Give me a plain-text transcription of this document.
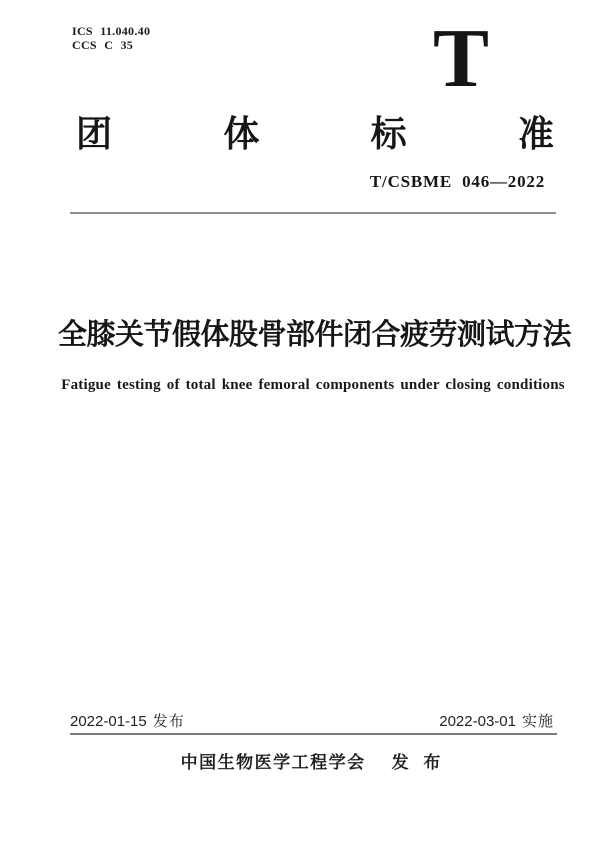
ICS 11.040.40
CCS C 35	T
团	体	标	准
T/CSBME 046—2022
全膝关节假体股骨部件闭合疲劳测试方法
Fatigue testing of total knee femoral components under closing conditions
2022-01-15 发布	2022-03-01 实施
中国生物医学工程学会 发 布
